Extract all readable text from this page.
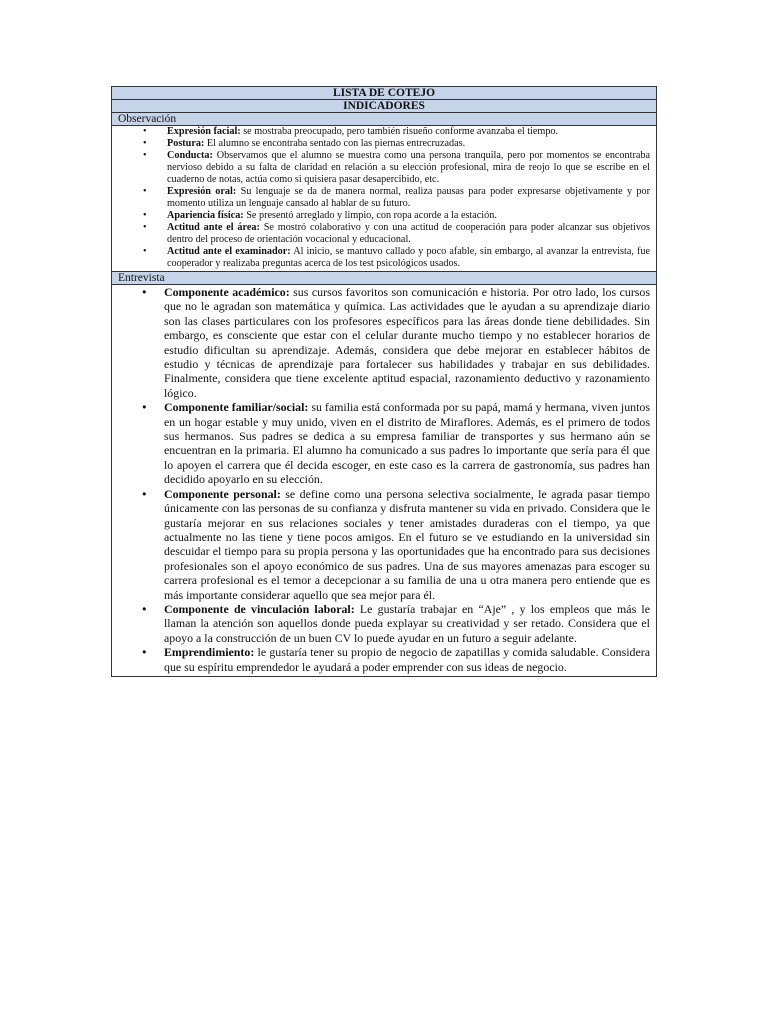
LISTA DE COTEJO
INDICADORES
Observación
• Expresión facial: se mostraba preocupado, pero también risueño conforme avanzaba el tiempo.
• Postura: El alumno se encontraba sentado con las piernas entrecruzadas.
• Conducta: Observamos que el alumno se muestra como una persona tranquila, pero por momentos se encontraba nervioso debido a su falta de claridad en relación a su elección profesional, mira de reojo lo que se escribe en el cuaderno de notas, actúa como si quisiera pasar desapercibido, etc.
• Expresión oral: Su lenguaje se da de manera normal, realiza pausas para poder expresarse objetivamente y por momento utiliza un lenguaje cansado al hablar de su futuro.
• Apariencia física: Se presentó arreglado y limpio, con ropa acorde a la estación.
• Actitud ante el área: Se mostró colaborativo y con una actitud de cooperación para poder alcanzar sus objetivos dentro del proceso de orientación vocacional y educacional.
• Actitud ante el examinador: Al inicio, se mantuvo callado y poco afable, sin embargo, al avanzar la entrevista, fue cooperador y realizaba preguntas acerca de los test psicológicos usados.
Entrevista
● Componente académico: sus cursos favoritos son comunicación e historia. Por otro lado, los cursos que no le agradan son matemática y química. Las actividades que le ayudan a su aprendizaje diario son las clases particulares con los profesores específicos para las áreas donde tiene debilidades. Sin embargo, es consciente que estar con el celular durante mucho tiempo y no establecer horarios de estudio dificultan su aprendizaje. Además, considera que debe mejorar en establecer hábitos de estudio y técnicas de aprendizaje para fortalecer sus habilidades y trabajar en sus debilidades. Finalmente, considera que tiene excelente aptitud espacial, razonamiento deductivo y razonamiento lógico.
● Componente familiar/social: su familia está conformada por su papá, mamá y hermana, viven juntos en un hogar estable y muy unido, viven en el distrito de Miraflores. Además, es el primero de todos sus hermanos. Sus padres se dedica a su empresa familiar de transportes y sus hermano aún se encuentran en la primaria. El alumno ha comunicado a sus padres lo importante que sería para él que lo apoyen el carrera que él decida escoger, en este caso es la carrera de gastronomía, sus padres han decidido apoyarlo en su elección.
● Componente personal: se define como una persona selectiva socialmente, le agrada pasar tiempo únicamente con las personas de su confianza y disfruta mantener su vida en privado. Considera que le gustaría mejorar en sus relaciones sociales y tener amistades duraderas con el tiempo, ya que actualmente no las tiene y tiene pocos amigos. En el futuro se ve estudiando en la universidad sin descuidar el tiempo para su propia persona y las oportunidades que ha encontrado para sus decisiones profesionales son el apoyo económico de sus padres. Una de sus mayores amenazas para escoger su carrera profesional es el temor a decepcionar a su familia de una u otra manera pero entiende que es más importante considerar aquello que sea mejor para él.
● Componente de vinculación laboral: Le gustaría trabajar en “Aje” , y los empleos que más le llaman la atención son aquellos donde pueda explayar su creatividad y ser retado. Considera que el apoyo a la construcción de un buen CV lo puede ayudar en un futuro a seguir adelante.
● Emprendimiento: le gustaría tener su propio de negocio de zapatillas y comida saludable. Considera que su espíritu emprendedor le ayudará a poder emprender con sus ideas de negocio.
